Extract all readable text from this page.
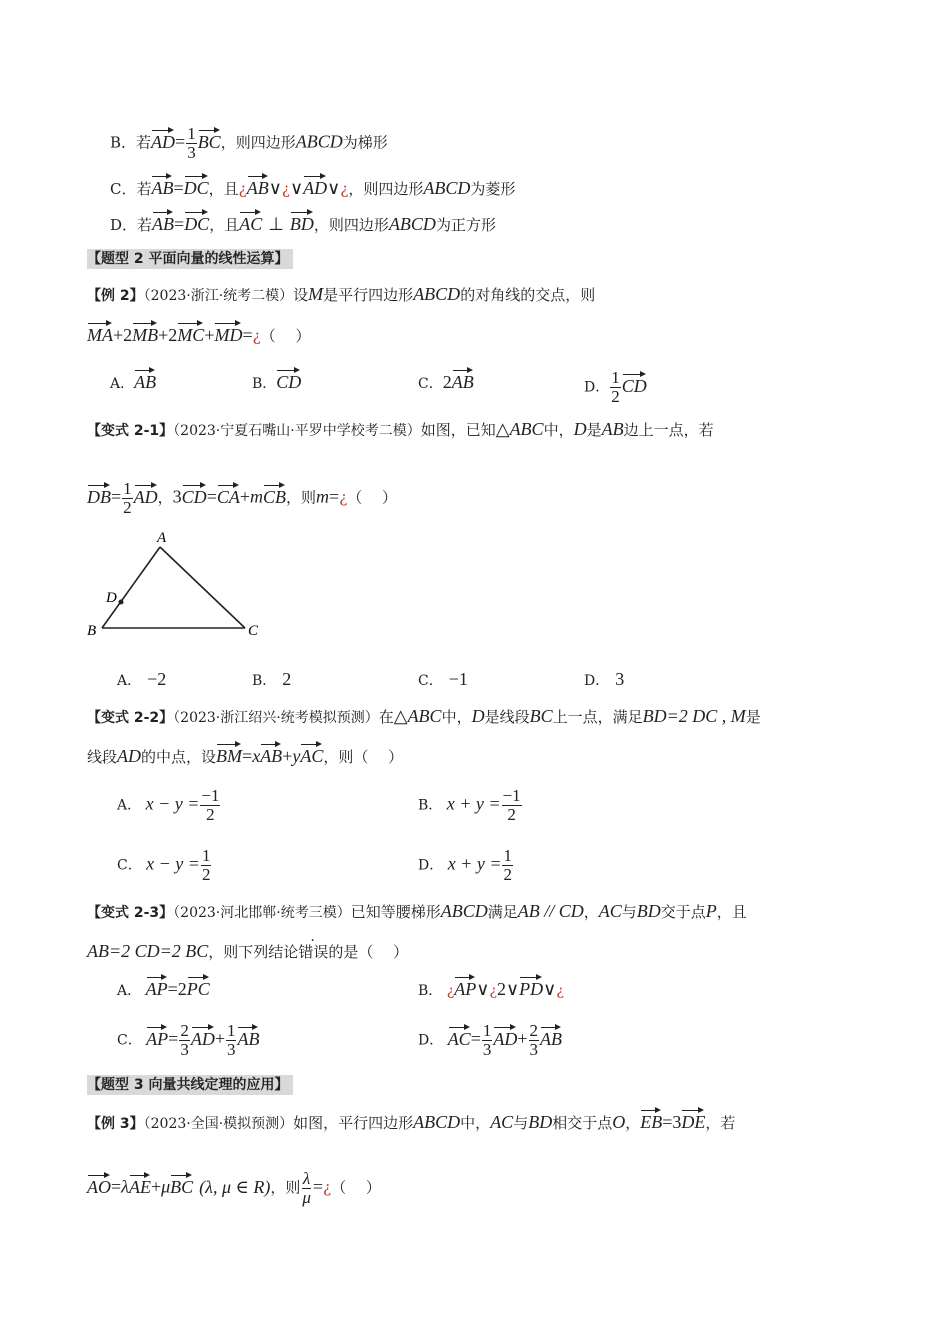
B．若$AD= \frac{1}{3}$ BC，则四边形ABCD为梯形
C．若AB=DC，且¿AB∨¿∨AD∨¿，则四边形ABCD为菱形
D．若AB=DC，且AC ⊥ BD，则四边形ABCD为正方形
【题型 2 平面向量的线性运算】
【例 2】（2023·浙江·统考二模）设M是平行四边形ABCD的对角线的交点，则
MA+2MB+2MC+MD=¿（　 ）
A．AB	B．CD	C．2AB	D． $\frac{1}{2}$ CD
【变式 2-1】（2023·宁夏石嘴山·平罗中学校考二模）如图，已知△ABC中，D是AB边上一点，若
$DB= \frac{1}{2}$ AD，3CD=CA+mCB，则m=¿（　 ）
A
B	C
D
A． −2	B． 2	C． −1	D． 3
【变式 2-2】（2023·浙江绍兴·统考模拟预测）在△ABC中，D是线段BC上一点，满足BD=2 DC , M是
线段AD的中点，设BM=xAB+yAC，则（　 ）
A． $x - y = \frac{-1}{2}$	B． $x + y = \frac{-1}{2}$
C． $x - y = \frac{1}{2}$	D． $x + y = \frac{1}{2}$
【变式 2-3】（2023·河北邯郸·统考三模）已知等腰梯形ABCD满足AB // CD，AC与BD交于点P，且
AB=2 CD=2 BC，则下列结论错误的是（　 ）
A． AP=2PC	B． ¿AP∨¿2∨PD∨¿
C． $AP= \frac{2}{3} AD+ \frac{1}{3}$ AB	D． $AC= \frac{1}{3} AD+ \frac{2}{3}$ AB
【题型 3 向量共线定理的应用】
【例 3】（2023·全国·模拟预测）如图，平行四边形ABCD中，AC与BD相交于点O，EB=3DE，若
AO=λAE+μBC (λ, μ ∈ R)，则 $\frac{\lambda}{\mu}$ =¿（　 ）
